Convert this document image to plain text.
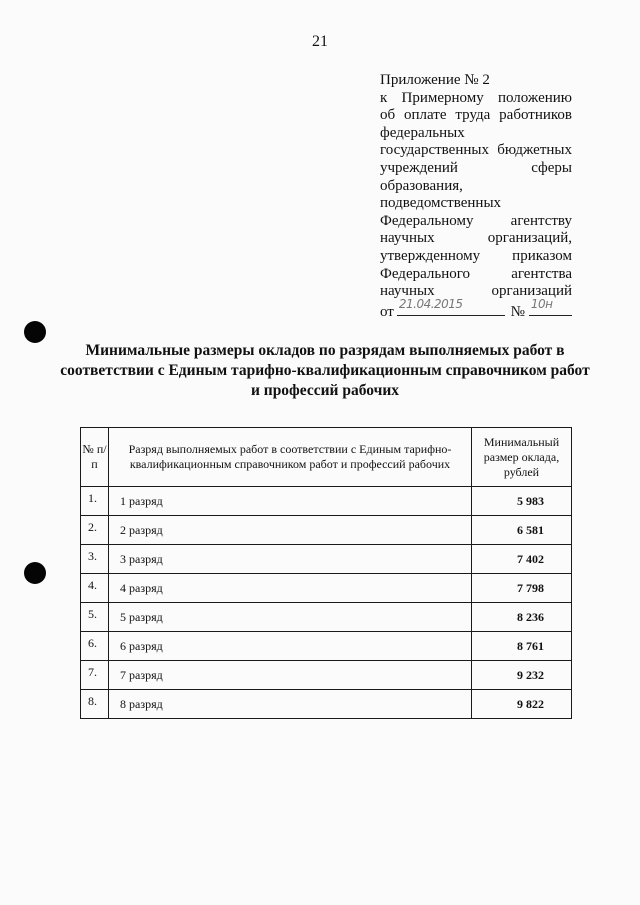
21
Приложение № 2
к Примерному положению
об оплате труда работников
федеральных
государственных бюджетных
учреждений сферы
образования,
подведомственных
Федеральному агентству
научных организаций,
утвержденному приказом
Федерального агентства
научных организаций
от 21.04.2015	№ 10н
Минимальные размеры окладов по разрядам выполняемых работ в соответствии с Единым тарифно-квалификационным справочником работ и профессий рабочих
№ п/п	Разряд выполняемых работ в соответствии с Единым тарифно-квалификационным справочником работ и профессий рабочих	Минимальный размер оклада, рублей
1.	1 разряд	5 983
2.	2 разряд	6 581
3.	3 разряд	7 402
4.	4 разряд	7 798
5.	5 разряд	8 236
6.	6 разряд	8 761
7.	7 разряд	9 232
8.	8 разряд	9 822
